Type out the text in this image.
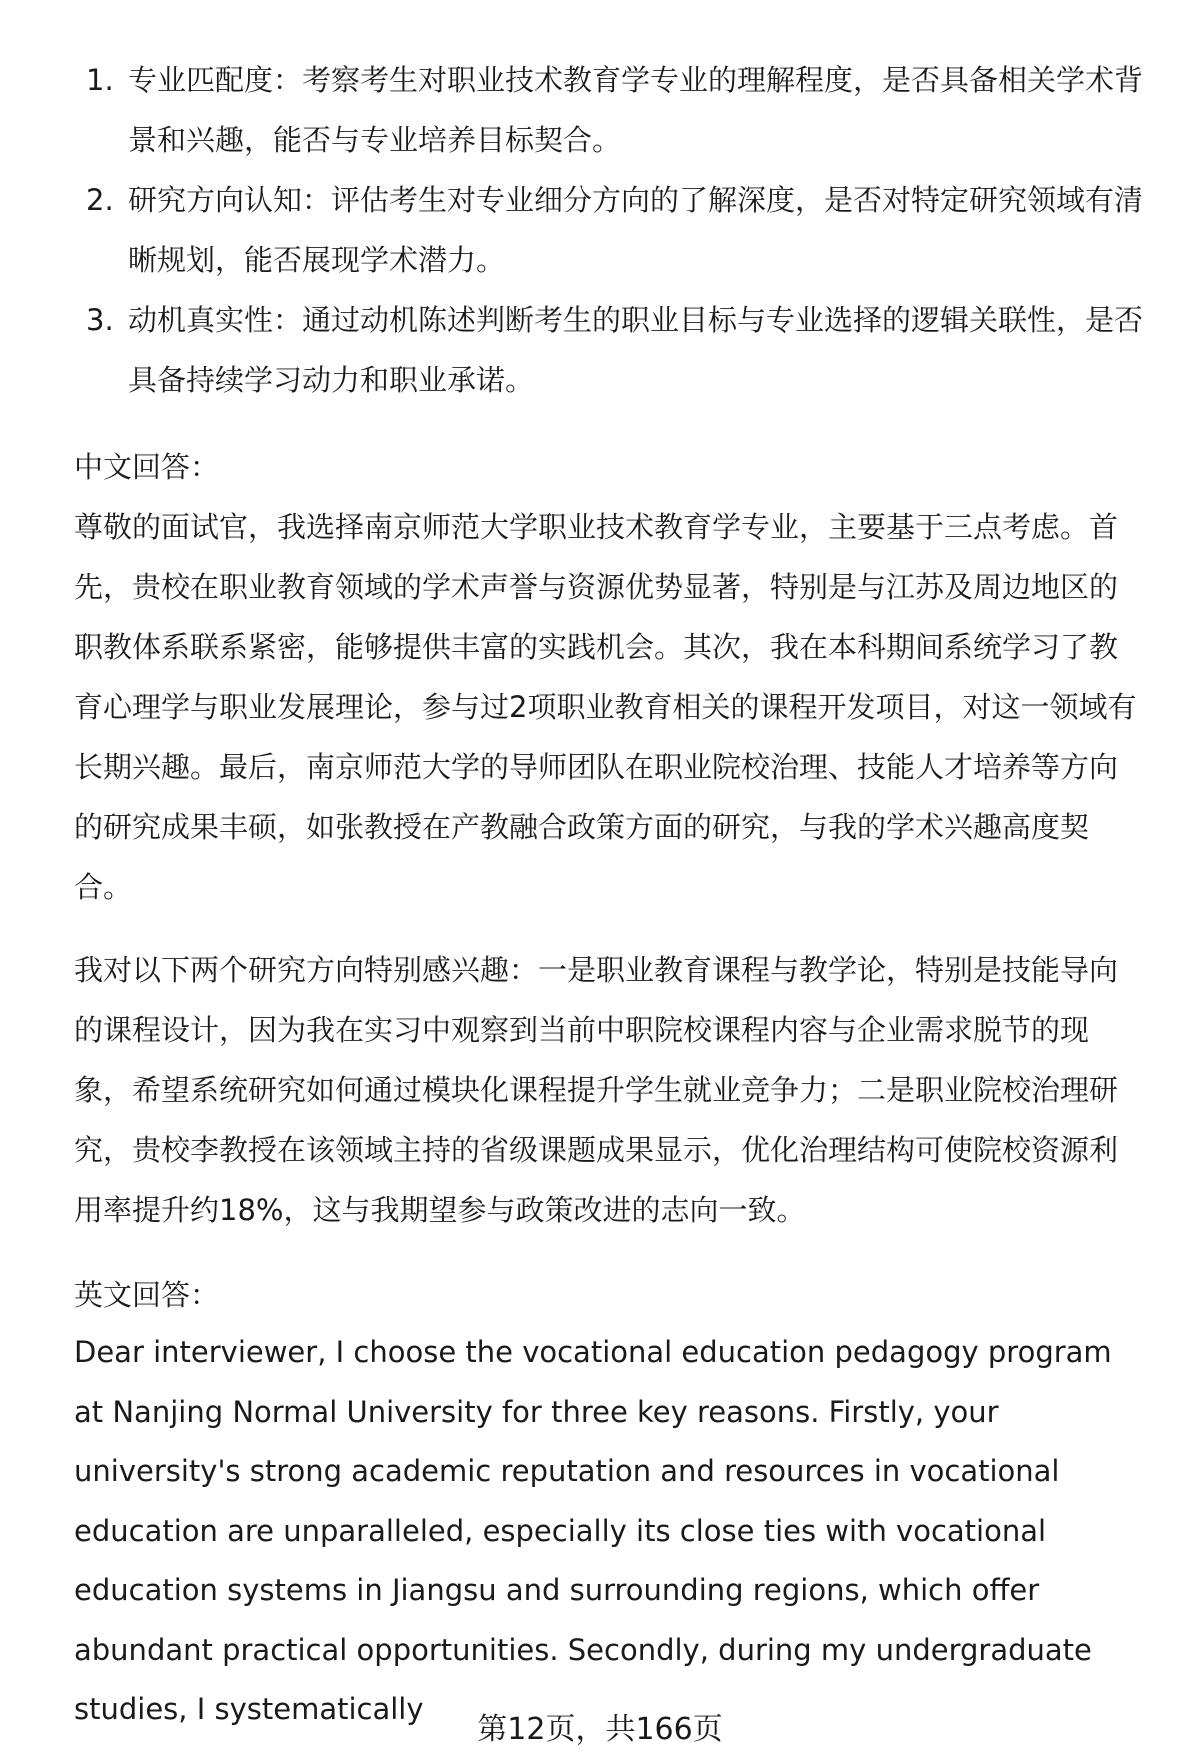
1. 专业匹配度：考察考生对职业技术教育学专业的理解程度，是否具备相关学术背景和兴趣，能否与专业培养目标契合。
2. 研究方向认知：评估考生对专业细分方向的了解深度，是否对特定研究领域有清晰规划，能否展现学术潜力。
3. 动机真实性：通过动机陈述判断考生的职业目标与专业选择的逻辑关联性，是否具备持续学习动力和职业承诺。

中文回答：

尊敬的面试官，我选择南京师范大学职业技术教育学专业，主要基于三点考虑。首先，贵校在职业教育领域的学术声誉与资源优势显著，特别是与江苏及周边地区的职教体系联系紧密，能够提供丰富的实践机会。其次，我在本科期间系统学习了教育心理学与职业发展理论，参与过2项职业教育相关的课程开发项目，对这一领域有长期兴趣。最后，南京师范大学的导师团队在职业院校治理、技能人才培养等方向的研究成果丰硕，如张教授在产教融合政策方面的研究，与我的学术兴趣高度契合。

我对以下两个研究方向特别感兴趣：一是职业教育课程与教学论，特别是技能导向的课程设计，因为我在实习中观察到当前中职院校课程内容与企业需求脱节的现象，希望系统研究如何通过模块化课程提升学生就业竞争力；二是职业院校治理研究，贵校李教授在该领域主持的省级课题成果显示，优化治理结构可使院校资源利用率提升约18%，这与我期望参与政策改进的志向一致。

英文回答：

Dear interviewer, I choose the vocational education pedagogy program at Nanjing Normal University for three key reasons. Firstly, your university's strong academic reputation and resources in vocational education are unparalleled, especially its close ties with vocational education systems in Jiangsu and surrounding regions, which offer abundant practical opportunities. Secondly, during my undergraduate studies, I systematically

第12页，共166页
